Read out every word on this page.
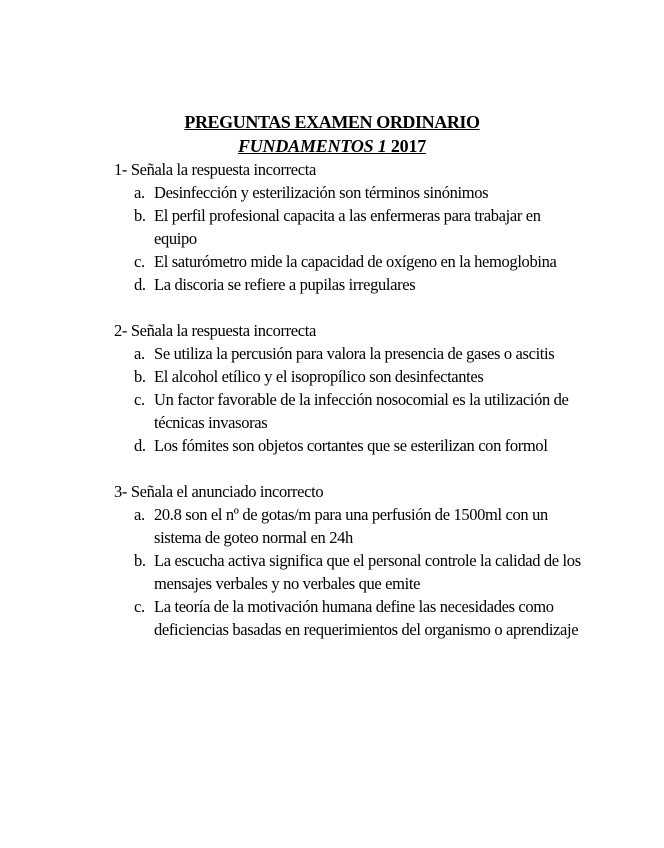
PREGUNTAS EXAMEN ORDINARIO
FUNDAMENTOS 1 2017

1- Señala la respuesta incorrecta

a. Desinfección y esterilización son términos sinónimos
b. El perfil profesional capacita a las enfermeras para trabajar en equipo
c. El saturómetro mide la capacidad de oxígeno en la hemoglobina
d. La discoria se refiere a pupilas irregulares

2- Señala la respuesta incorrecta

a. Se utiliza la percusión para valora la presencia de gases o ascitis
b. El alcohol etílico y el isopropílico son desinfectantes
c. Un factor favorable de la infección nosocomial es la utilización de técnicas invasoras
d. Los fómites son objetos cortantes que se esterilizan con formol

3- Señala el anunciado incorrecto

a. 20.8 son el nº de gotas/m para una perfusión de 1500ml con un sistema de goteo normal en 24h
b. La escucha activa significa que el personal controle la calidad de los mensajes verbales y no verbales que emite
c. La teoría de la motivación humana define las necesidades como deficiencias basadas en requerimientos del organismo o aprendizaje
